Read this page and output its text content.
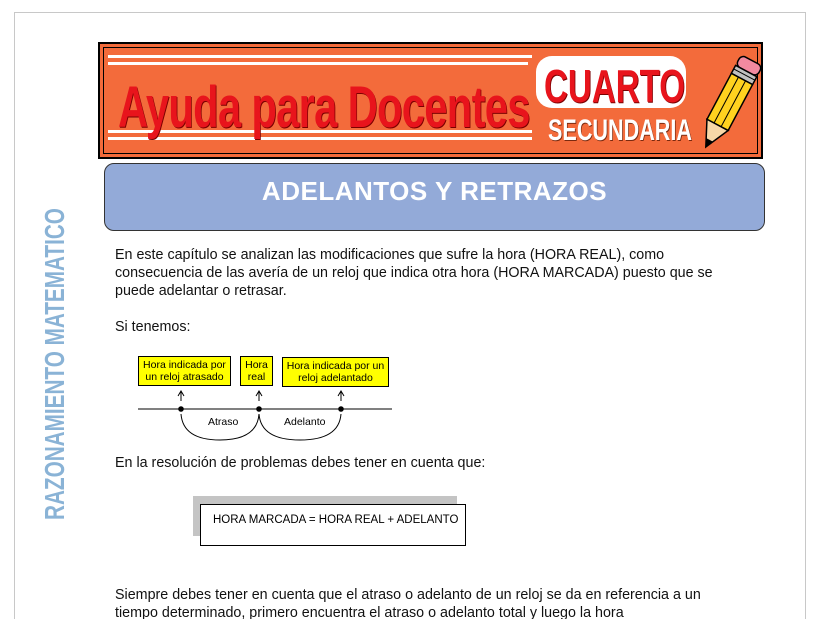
RAZONAMIENTO MATEMATICO
Ayuda para Docentes CUARTO
SECUNDARIA
ADELANTOS Y RETRAZOS
En este capítulo se analizan las modificaciones que sufre la hora (HORA REAL), como consecuencia de las avería de un reloj que indica otra hora (HORA MARCADA) puesto que se puede adelantar o retrasar.
Si tenemos:
Hora indicada por un reloj atrasado
Hora real
Hora indicada por un reloj adelantado
Atraso	Adelanto
En la resolución de problemas debes tener en cuenta que:
HORA MARCADA = HORA REAL + ADELANTO
Siempre debes tener en cuenta que el atraso o adelanto de un reloj se da en referencia a un tiempo determinado, primero encuentra el atraso o adelanto total y luego la hora
